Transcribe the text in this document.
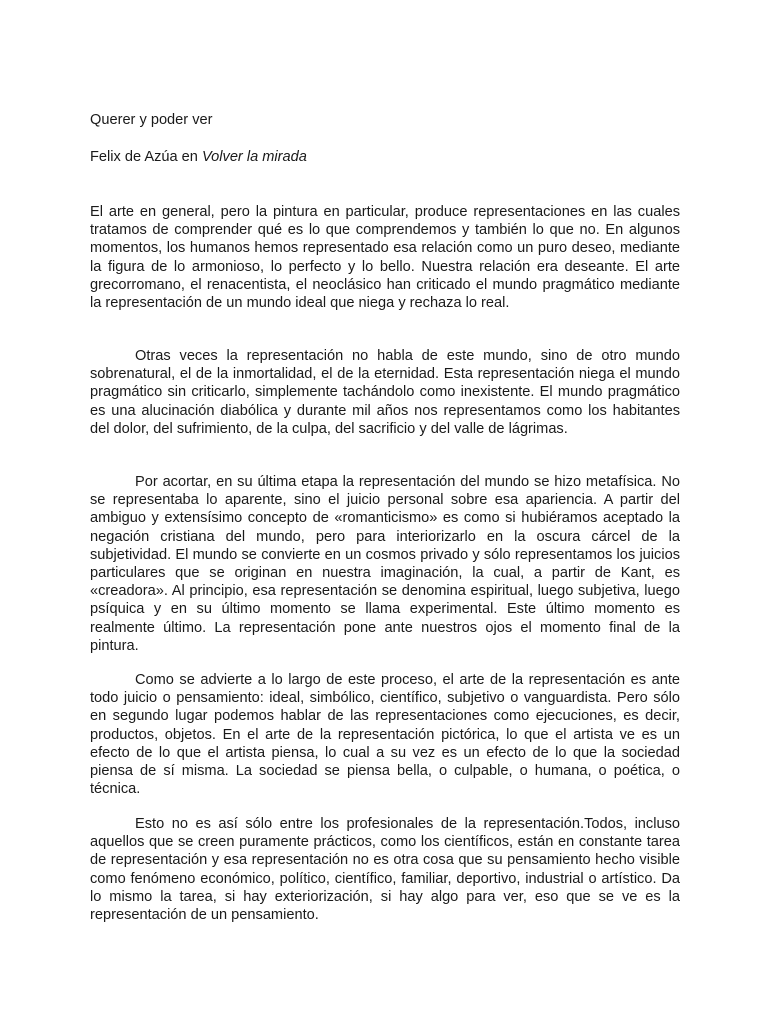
Querer y poder ver
Felix de Azúa en Volver la mirada

El arte en general, pero la pintura en particular, produce representaciones en las cuales tratamos de comprender qué es lo que comprendemos y también lo que no. En algunos momentos, los humanos hemos representado esa relación como un puro deseo, mediante la figura de lo armonioso, lo perfecto y lo bello. Nuestra relación era deseante. El arte grecorromano, el renacentista, el neoclásico han criticado el mundo pragmático mediante la representación de un mundo ideal que niega y rechaza lo real.

Otras veces la representación no habla de este mundo, sino de otro mundo sobrenatural, el de la inmortalidad, el de la eternidad. Esta representación niega el mundo pragmático sin criticarlo, simplemente tachándolo como inexistente. El mundo pragmático es una alucinación diabólica y durante mil años nos representamos como los habitantes del dolor, del sufrimiento, de la culpa, del sacrificio y del valle de lágrimas.

Por acortar, en su última etapa la representación del mundo se hizo metafísica. No se representaba lo aparente, sino el juicio personal sobre esa apariencia. A partir del ambiguo y extensísimo concepto de «romanticismo» es como si hubiéramos aceptado la negación cristiana del mundo, pero para interiorizarlo en la oscura cárcel de la subjetividad. El mundo se convierte en un cosmos privado y sólo representamos los juicios particulares que se originan en nuestra imaginación, la cual, a partir de Kant, es «creadora». Al principio, esa representación se denomina espiritual, luego subjetiva, luego psíquica y en su último momento se llama experimental. Este último momento es realmente último. La representación pone ante nuestros ojos el momento final de la pintura.

Como se advierte a lo largo de este proceso, el arte de la representación es ante todo juicio o pensamiento: ideal, simbólico, científico, subjetivo o vanguardista. Pero sólo en segundo lugar podemos hablar de las representaciones como ejecuciones, es decir, productos, objetos. En el arte de la representación pictórica, lo que el artista ve es un efecto de lo que el artista piensa, lo cual a su vez es un efecto de lo que la sociedad piensa de sí misma. La sociedad se piensa bella, o culpable, o humana, o poética, o técnica.

Esto no es así sólo entre los profesionales de la representación.Todos, incluso aquellos que se creen puramente prácticos, como los científicos, están en constante tarea de representación y esa representación no es otra cosa que su pensamiento hecho visible como fenómeno económico, político, científico, familiar, deportivo, industrial o artístico. Da lo mismo la tarea, si hay exteriorización, si hay algo para ver, eso que se ve es la representación de un pensamiento.
